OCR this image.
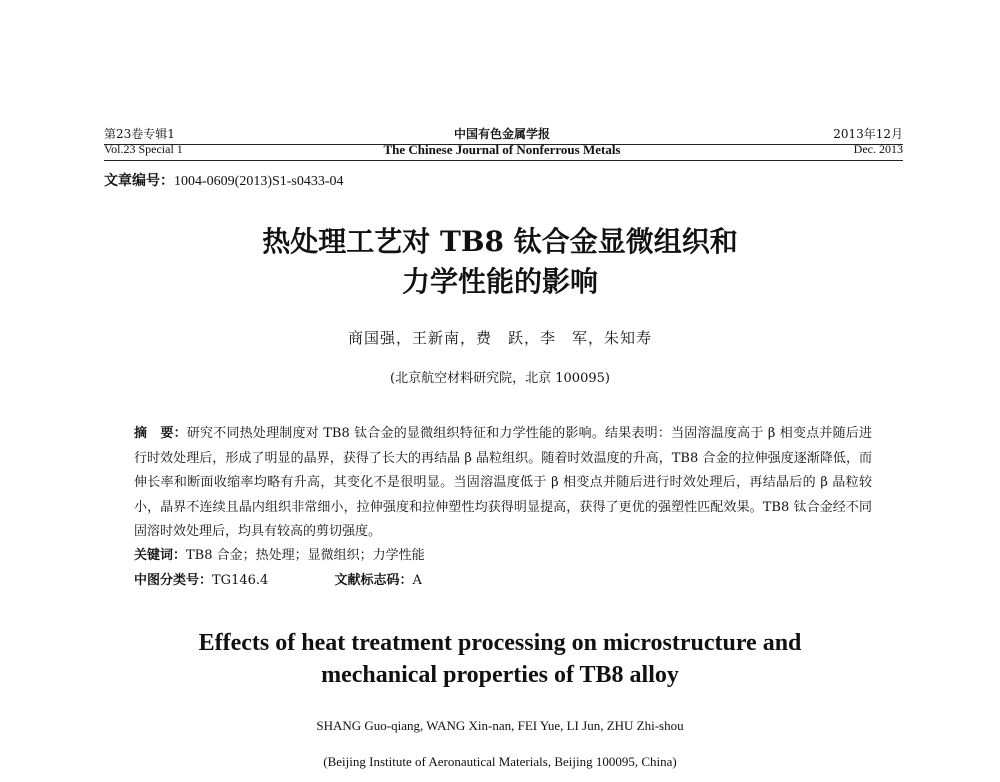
第23卷专辑1
Vol.23 Special 1
中国有色金属学报
The Chinese Journal of Nonferrous Metals
2013年12月
Dec. 2013
文章编号：1004-0609(2013)S1-s0433-04
热处理工艺对 TB8 钛合金显微组织和
力学性能的影响
商国强，王新南，费　跃，李　军，朱知寿
(北京航空材料研究院，北京 100095)
摘　要：研究不同热处理制度对 TB8 钛合金的显微组织特征和力学性能的影响。结果表明：当固溶温度高于 β 相变点并随后进行时效处理后，形成了明显的晶界，获得了长大的再结晶 β 晶粒组织。随着时效温度的升高，TB8 合金的拉伸强度逐渐降低，而伸长率和断面收缩率均略有升高，其变化不是很明显。当固溶温度低于 β 相变点并随后进行时效处理后，再结晶后的 β 晶粒较小，晶界不连续且晶内组织非常细小，拉伸强度和拉伸塑性均获得明显提高，获得了更优的强塑性匹配效果。TB8 钛合金经不同固溶时效处理后，均具有较高的剪切强度。
关键词：TB8 合金；热处理；显微组织；力学性能
中图分类号：TG146.4	文献标志码：A
Effects of heat treatment processing on microstructure and
mechanical properties of TB8 alloy
SHANG Guo-qiang, WANG Xin-nan, FEI Yue, LI Jun, ZHU Zhi-shou
(Beijing Institute of Aeronautical Materials, Beijing 100095, China)
